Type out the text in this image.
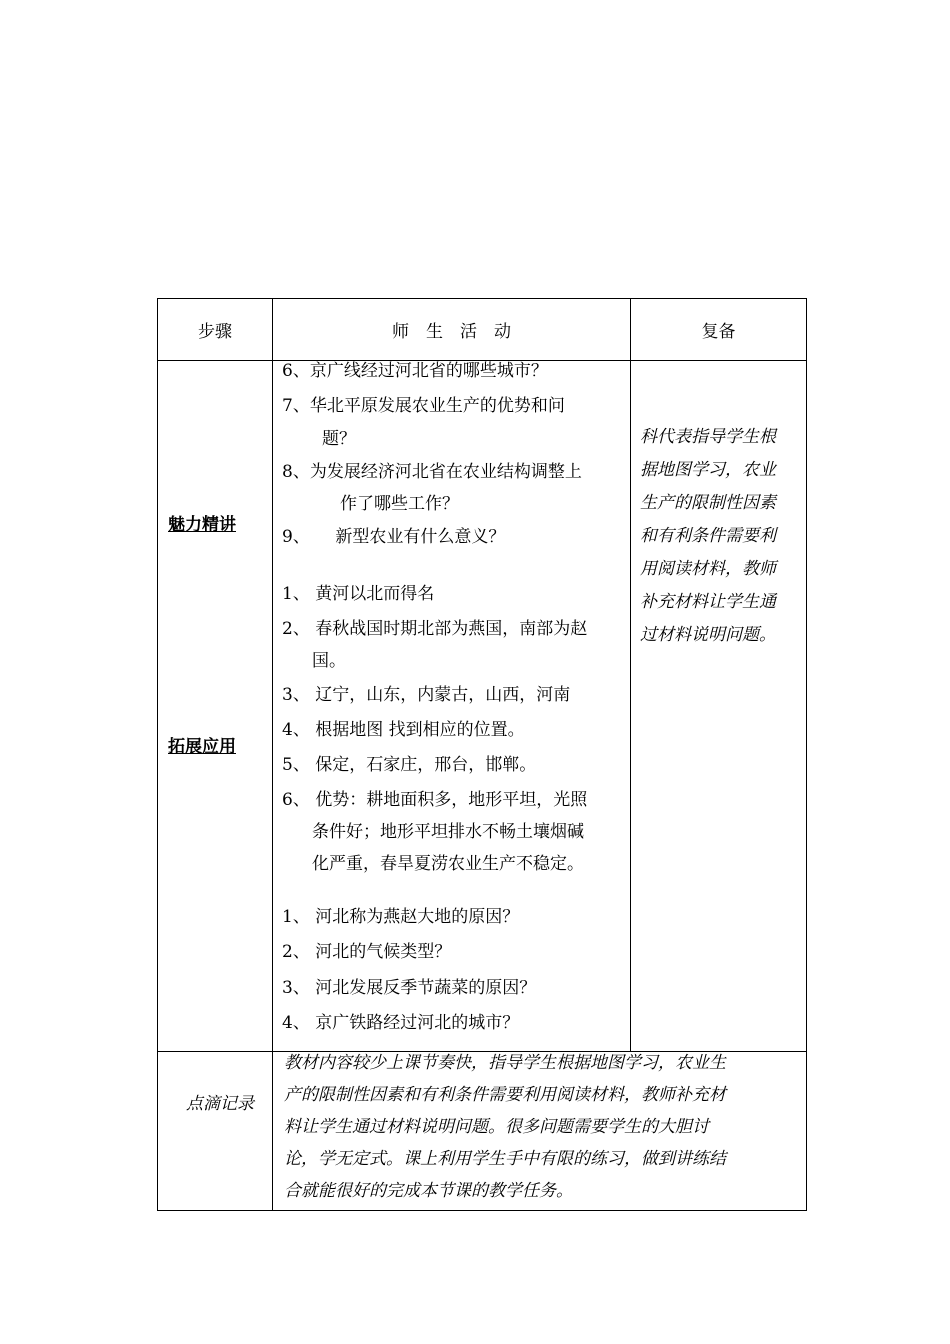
步骤	师　生　活　动	复备
魅力精讲
拓展应用
6、京广线经过河北省的哪些城市？
7、华北平原发展农业生产的优势和问
题？
8、为发展经济河北省在农业结构调整上
作了哪些工作？
9、　　新型农业有什么意义？
1、 黄河以北而得名
2、 春秋战国时期北部为燕国，南部为赵
国。
3、 辽宁，山东，内蒙古，山西，河南
4、 根据地图 找到相应的位置。
5、 保定，石家庄，邢台，邯郸。
6、 优势：耕地面积多，地形平坦，光照
条件好；地形平坦排水不畅土壤烟碱
化严重，春旱夏涝农业生产不稳定。
1、 河北称为燕赵大地的原因？
2、 河北的气候类型？
3、 河北发展反季节蔬菜的原因？
4、 京广铁路经过河北的城市？
科代表指导学生根
据地图学习，农业
生产的限制性因素
和有利条件需要利
用阅读材料，教师
补充材料让学生通
过材料说明问题。
点滴记录
教材内容较少上课节奏快，指导学生根据地图学习，农业生
产的限制性因素和有利条件需要利用阅读材料，教师补充材
料让学生通过材料说明问题。很多问题需要学生的大胆讨
论，学无定式。课上利用学生手中有限的练习，做到讲练结
合就能很好的完成本节课的教学任务。
